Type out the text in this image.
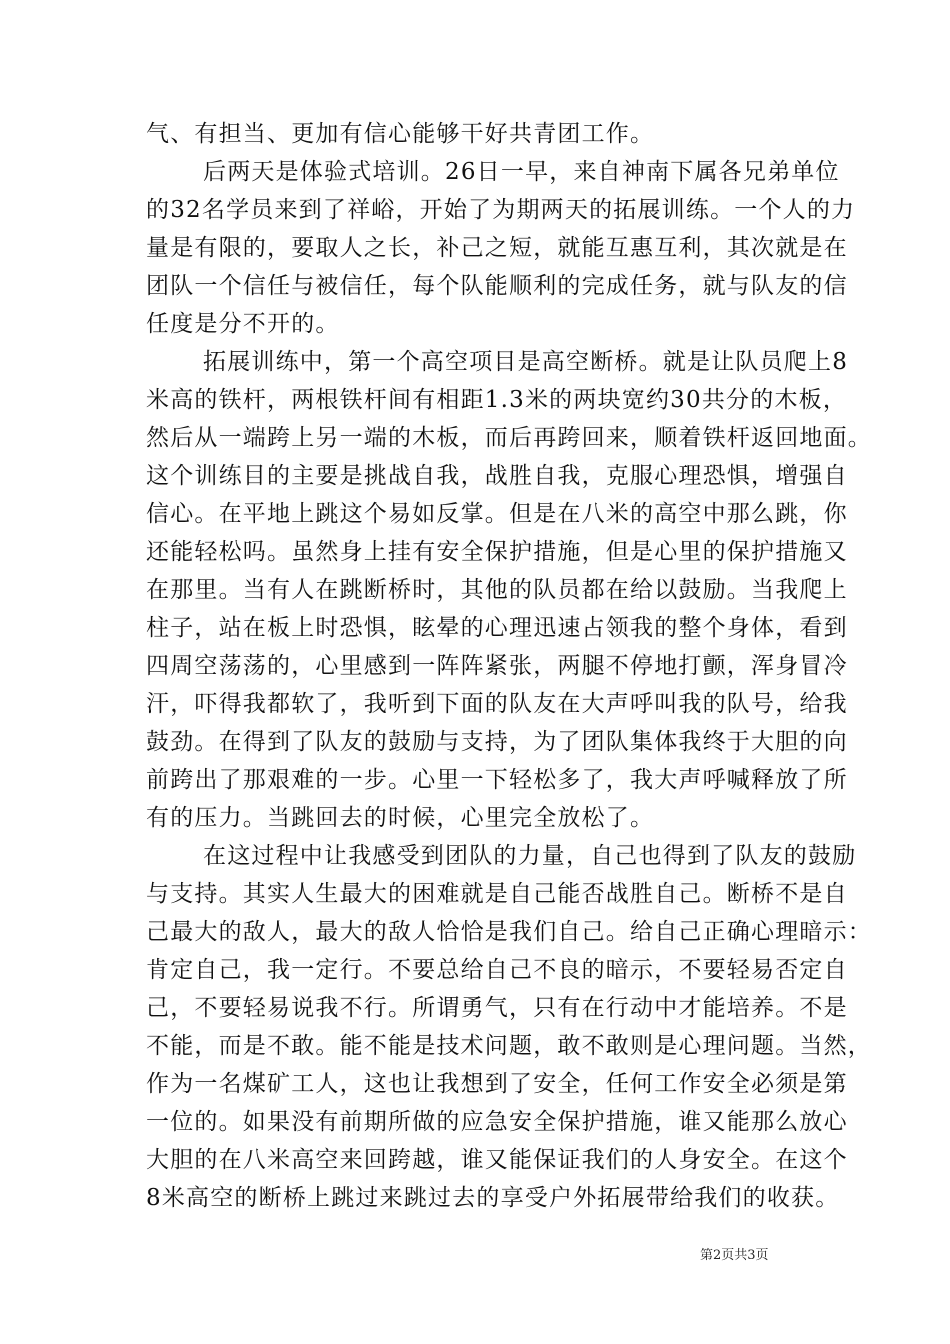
气、有担当、更加有信心能够干好共青团工作。
后两天是体验式培训。26日一早，来自神南下属各兄弟单位
的32名学员来到了祥峪，开始了为期两天的拓展训练。一个人的力
量是有限的，要取人之长，补己之短，就能互惠互利，其次就是在
团队一个信任与被信任，每个队能顺利的完成任务，就与队友的信
任度是分不开的。
拓展训练中，第一个高空项目是高空断桥。就是让队员爬上8
米高的铁杆，两根铁杆间有相距1.3米的两块宽约30共分的木板，
然后从一端跨上另一端的木板，而后再跨回来，顺着铁杆返回地面。
这个训练目的主要是挑战自我，战胜自我，克服心理恐惧，增强自
信心。在平地上跳这个易如反掌。但是在八米的高空中那么跳，你
还能轻松吗。虽然身上挂有安全保护措施，但是心里的保护措施又
在那里。当有人在跳断桥时，其他的队员都在给以鼓励。当我爬上
柱子，站在板上时恐惧，眩晕的心理迅速占领我的整个身体，看到
四周空荡荡的，心里感到一阵阵紧张，两腿不停地打颤，浑身冒冷
汗，吓得我都软了，我听到下面的队友在大声呼叫我的队号，给我
鼓劲。在得到了队友的鼓励与支持，为了团队集体我终于大胆的向
前跨出了那艰难的一步。心里一下轻松多了，我大声呼喊释放了所
有的压力。当跳回去的时候，心里完全放松了。
在这过程中让我感受到团队的力量，自己也得到了队友的鼓励
与支持。其实人生最大的困难就是自己能否战胜自己。断桥不是自
己最大的敌人，最大的敌人恰恰是我们自己。给自己正确心理暗示：
肯定自己，我一定行。不要总给自己不良的暗示，不要轻易否定自
己，不要轻易说我不行。所谓勇气，只有在行动中才能培养。不是
不能，而是不敢。能不能是技术问题，敢不敢则是心理问题。当然，
作为一名煤矿工人，这也让我想到了安全，任何工作安全必须是第
一位的。如果没有前期所做的应急安全保护措施，谁又能那么放心
大胆的在八米高空来回跨越，谁又能保证我们的人身安全。在这个
8米高空的断桥上跳过来跳过去的享受户外拓展带给我们的收获。
第2页共3页
